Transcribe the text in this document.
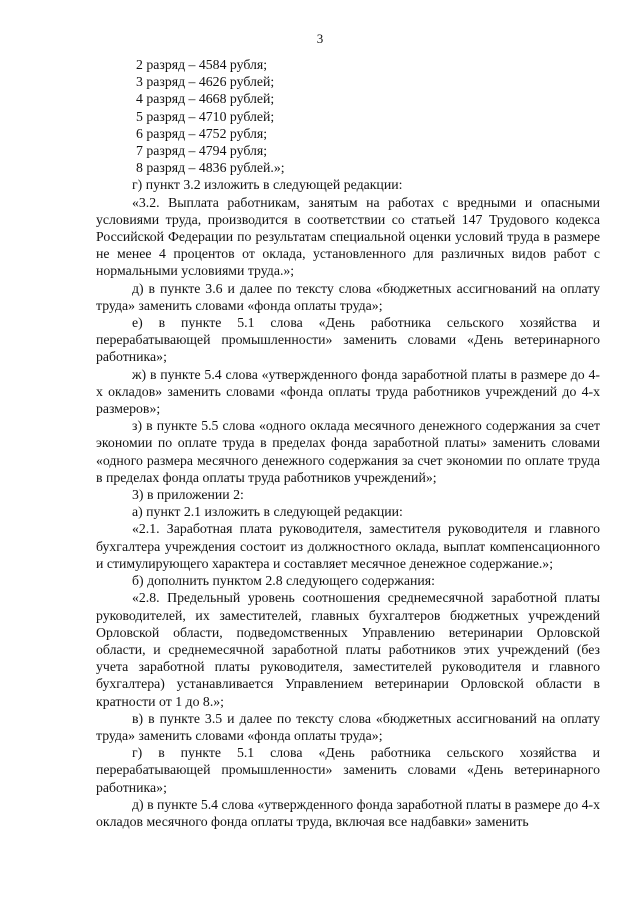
3
2 разряд – 4584 рубля;
3 разряд – 4626 рублей;
4 разряд – 4668 рублей;
5 разряд – 4710 рублей;
6 разряд – 4752 рубля;
7 разряд – 4794 рубля;
8 разряд – 4836 рублей.»;

г) пункт 3.2 изложить в следующей редакции:

«3.2. Выплата работникам, занятым на работах с вредными и опасными условиями труда, производится в соответствии со статьей 147 Трудового кодекса Российской Федерации по результатам специальной оценки условий труда в размере не менее 4 процентов от оклада, установленного для различных видов работ с нормальными условиями труда.»;

д) в пункте 3.6 и далее по тексту слова «бюджетных ассигнований на оплату труда» заменить словами «фонда оплаты труда»;

е) в пункте 5.1 слова «День работника сельского хозяйства и перерабатывающей промышленности» заменить словами «День ветеринарного работника»;

ж) в пункте 5.4 слова «утвержденного фонда заработной платы в размере до 4-х окладов» заменить словами «фонда оплаты труда работников учреждений до 4-х размеров»;

з) в пункте 5.5 слова «одного оклада месячного денежного содержания за счет экономии по оплате труда в пределах фонда заработной платы» заменить словами «одного размера месячного денежного содержания за счет экономии по оплате труда в пределах фонда оплаты труда работников учреждений»;

3) в приложении 2:

а) пункт 2.1 изложить в следующей редакции:

«2.1. Заработная плата руководителя, заместителя руководителя и главного бухгалтера учреждения состоит из должностного оклада, выплат компенсационного и стимулирующего характера и составляет месячное денежное содержание.»;

б) дополнить пунктом 2.8 следующего содержания:

«2.8. Предельный уровень соотношения среднемесячной заработной платы руководителей, их заместителей, главных бухгалтеров бюджетных учреждений Орловской области, подведомственных Управлению ветеринарии Орловской области, и среднемесячной заработной платы работников этих учреждений (без учета заработной платы руководителя, заместителей руководителя и главного бухгалтера) устанавливается Управлением ветеринарии Орловской области в кратности от 1 до 8.»;

в) в пункте 3.5 и далее по тексту слова «бюджетных ассигнований на оплату труда» заменить словами «фонда оплаты труда»;

г) в пункте 5.1 слова «День работника сельского хозяйства и перерабатывающей промышленности» заменить словами «День ветеринарного работника»;

д) в пункте 5.4 слова «утвержденного фонда заработной платы в размере до 4-х окладов месячного фонда оплаты труда, включая все надбавки» заменить
